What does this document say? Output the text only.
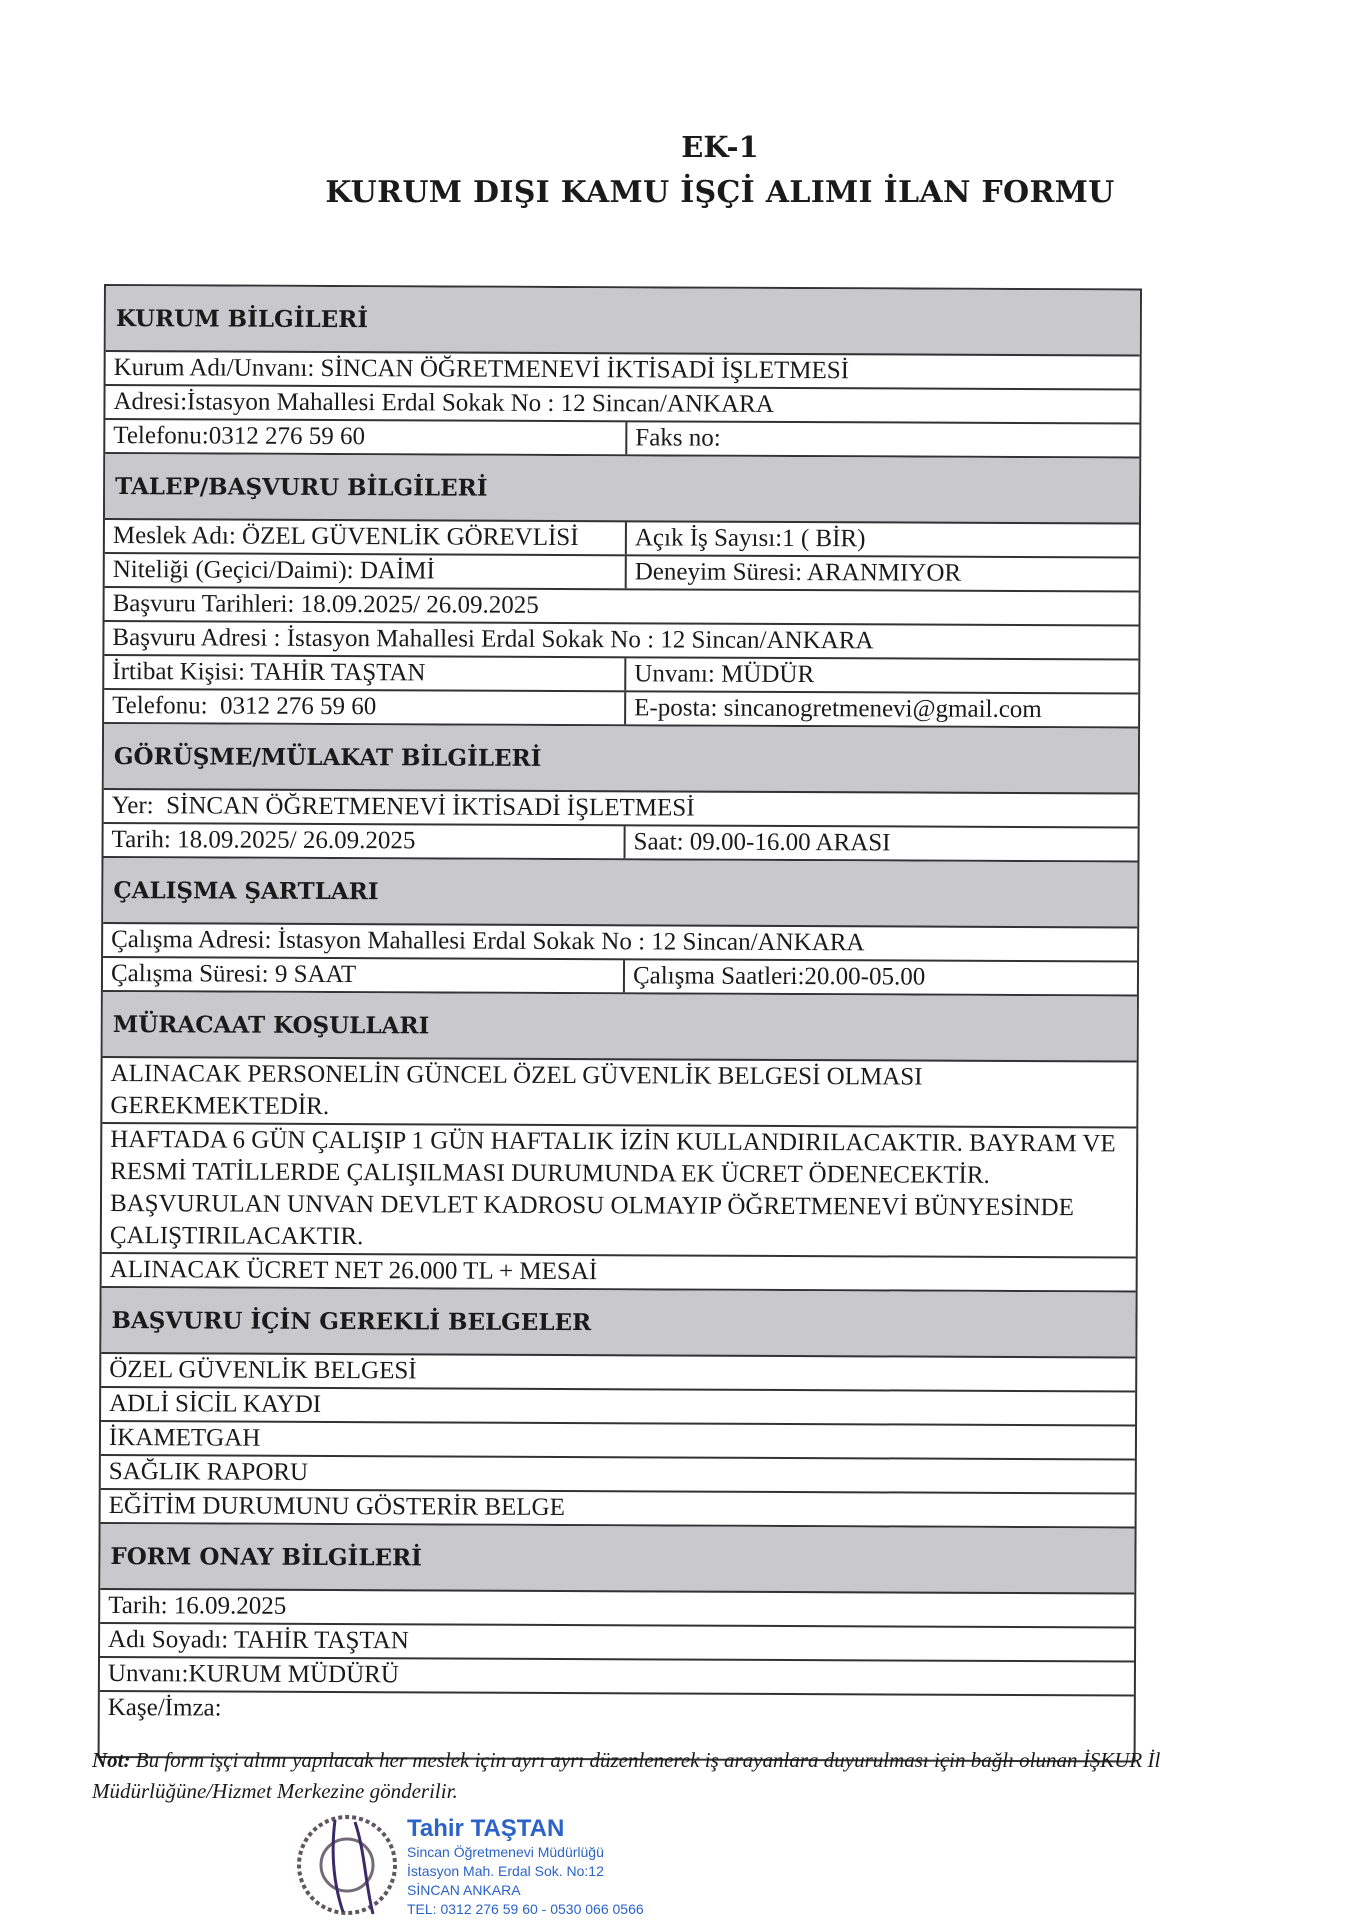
EK-1
KURUM DIŞI KAMU İŞÇİ ALIMI İLAN FORMU
KURUM BİLGİLERİ
Kurum Adı/Unvanı: SİNCAN ÖĞRETMENEVİ İKTİSADİ İŞLETMESİ
Adresi:İstasyon Mahallesi Erdal Sokak No : 12 Sincan/ANKARA
Telefonu:0312 276 59 60	Faks no:
TALEP/BAŞVURU BİLGİLERİ
Meslek Adı: ÖZEL GÜVENLİK GÖREVLİSİ	Açık İş Sayısı:1 ( BİR)
Niteliği (Geçici/Daimi): DAİMİ	Deneyim Süresi: ARANMIYOR
Başvuru Tarihleri: 18.09.2025/ 26.09.2025
Başvuru Adresi : İstasyon Mahallesi Erdal Sokak No : 12 Sincan/ANKARA
İrtibat Kişisi: TAHİR TAŞTAN	Unvanı: MÜDÜR
Telefonu:  0312 276 59 60	E-posta: sincanogretmenevi@gmail.com
GÖRÜŞME/MÜLAKAT BİLGİLERİ
Yer:  SİNCAN ÖĞRETMENEVİ İKTİSADİ İŞLETMESİ
Tarih: 18.09.2025/ 26.09.2025	Saat: 09.00-16.00 ARASI
ÇALIŞMA ŞARTLARI
Çalışma Adresi: İstasyon Mahallesi Erdal Sokak No : 12 Sincan/ANKARA
Çalışma Süresi: 9 SAAT	Çalışma Saatleri:20.00-05.00
MÜRACAAT KOŞULLARI
ALINACAK PERSONELİN GÜNCEL ÖZEL GÜVENLİK BELGESİ OLMASI GEREKMEKTEDİR.
HAFTADA 6 GÜN ÇALIŞIP 1 GÜN HAFTALIK İZİN KULLANDIRILACAKTIR. BAYRAM VE RESMİ TATİLLERDE ÇALIŞILMASI DURUMUNDA EK ÜCRET ÖDENECEKTİR. BAŞVURULAN UNVAN DEVLET KADROSU OLMAYIP ÖĞRETMENEVİ BÜNYESİNDE ÇALIŞTIRILACAKTIR.
ALINACAK ÜCRET NET 26.000 TL + MESAİ
BAŞVURU İÇİN GEREKLİ BELGELER
ÖZEL GÜVENLİK BELGESİ
ADLİ SİCİL KAYDI
İKAMETGAH
SAĞLIK RAPORU
EĞİTİM DURUMUNU GÖSTERİR BELGE
FORM ONAY BİLGİLERİ
Tarih: 16.09.2025
Adı Soyadı: TAHİR TAŞTAN
Unvanı:KURUM MÜDÜRÜ
Kaşe/İmza:
Not: Bu form işçi alımı yapılacak her meslek için ayrı ayrı düzenlenerek iş arayanlara duyurulması için bağlı olunan İŞKUR İl Müdürlüğüne/Hizmet Merkezine gönderilir.
Tahir TAŞTAN
Sincan Öğretmenevi Müdürlüğü
İstasyon Mah. Erdal Sok. No:12
SİNCAN ANKARA
TEL: 0312 276 59 60 - 0530 066 0566
